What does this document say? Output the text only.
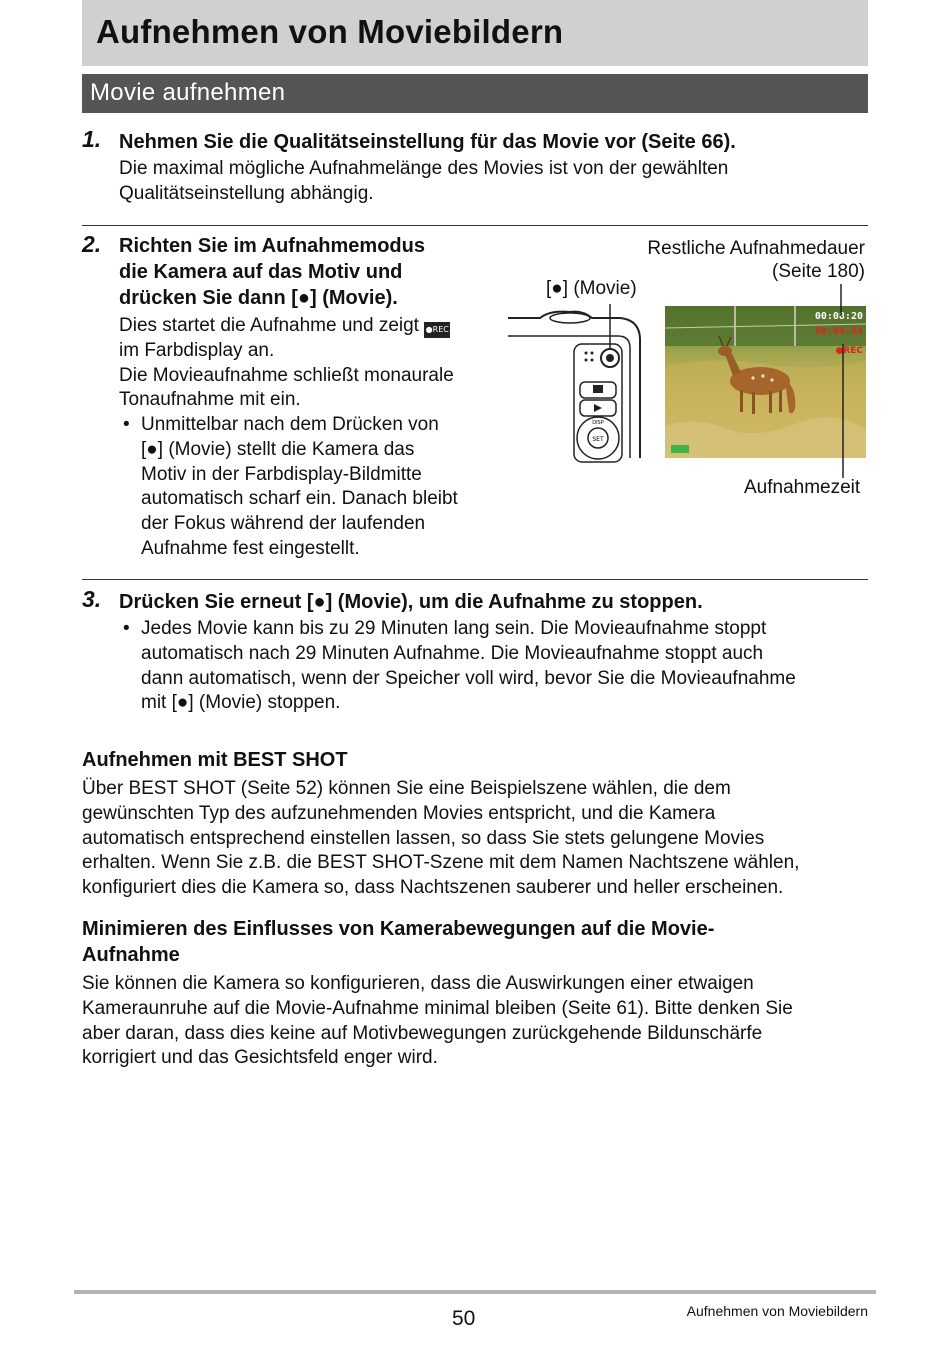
Aufnehmen von Moviebildern
Movie aufnehmen
1. Nehmen Sie die Qualitätseinstellung für das Movie vor (Seite 66).
Die maximal mögliche Aufnahmelänge des Movies ist von der gewählten
Qualitätseinstellung abhängig.
2. Richten Sie im Aufnahmemodus
die Kamera auf das Motiv und
drücken Sie dann [●] (Movie).
Dies startet die Aufnahme und zeigt ●REC
im Farbdisplay an.
Die Movieaufnahme schließt monaurale
Tonaufnahme mit ein.
• Unmittelbar nach dem Drücken von
[●] (Movie) stellt die Kamera das
Motiv in der Farbdisplay-Bildmitte
automatisch scharf ein. Danach bleibt
der Fokus während der laufenden
Aufnahme fest eingestellt.
Restliche Aufnahmedauer
(Seite 180)
[●] (Movie)
Aufnahmezeit
SET
DISP
00:08:20
00:00:04
●REC
3. Drücken Sie erneut [●] (Movie), um die Aufnahme zu stoppen.
• Jedes Movie kann bis zu 29 Minuten lang sein. Die Movieaufnahme stoppt
automatisch nach 29 Minuten Aufnahme. Die Movieaufnahme stoppt auch
dann automatisch, wenn der Speicher voll wird, bevor Sie die Movieaufnahme
mit [●] (Movie) stoppen.
Aufnehmen mit BEST SHOT
Über BEST SHOT (Seite 52) können Sie eine Beispielszene wählen, die dem
gewünschten Typ des aufzunehmenden Movies entspricht, und die Kamera
automatisch entsprechend einstellen lassen, so dass Sie stets gelungene Movies
erhalten. Wenn Sie z.B. die BEST SHOT-Szene mit dem Namen Nachtszene wählen,
konfiguriert dies die Kamera so, dass Nachtszenen sauberer und heller erscheinen.
Minimieren des Einflusses von Kamerabewegungen auf die Movie-
Aufnahme
Sie können die Kamera so konfigurieren, dass die Auswirkungen einer etwaigen
Kameraunruhe auf die Movie-Aufnahme minimal bleiben (Seite 61). Bitte denken Sie
aber daran, dass dies keine auf Motivbewegungen zurückgehende Bildunschärfe
korrigiert und das Gesichtsfeld enger wird.
50	Aufnehmen von Moviebildern
